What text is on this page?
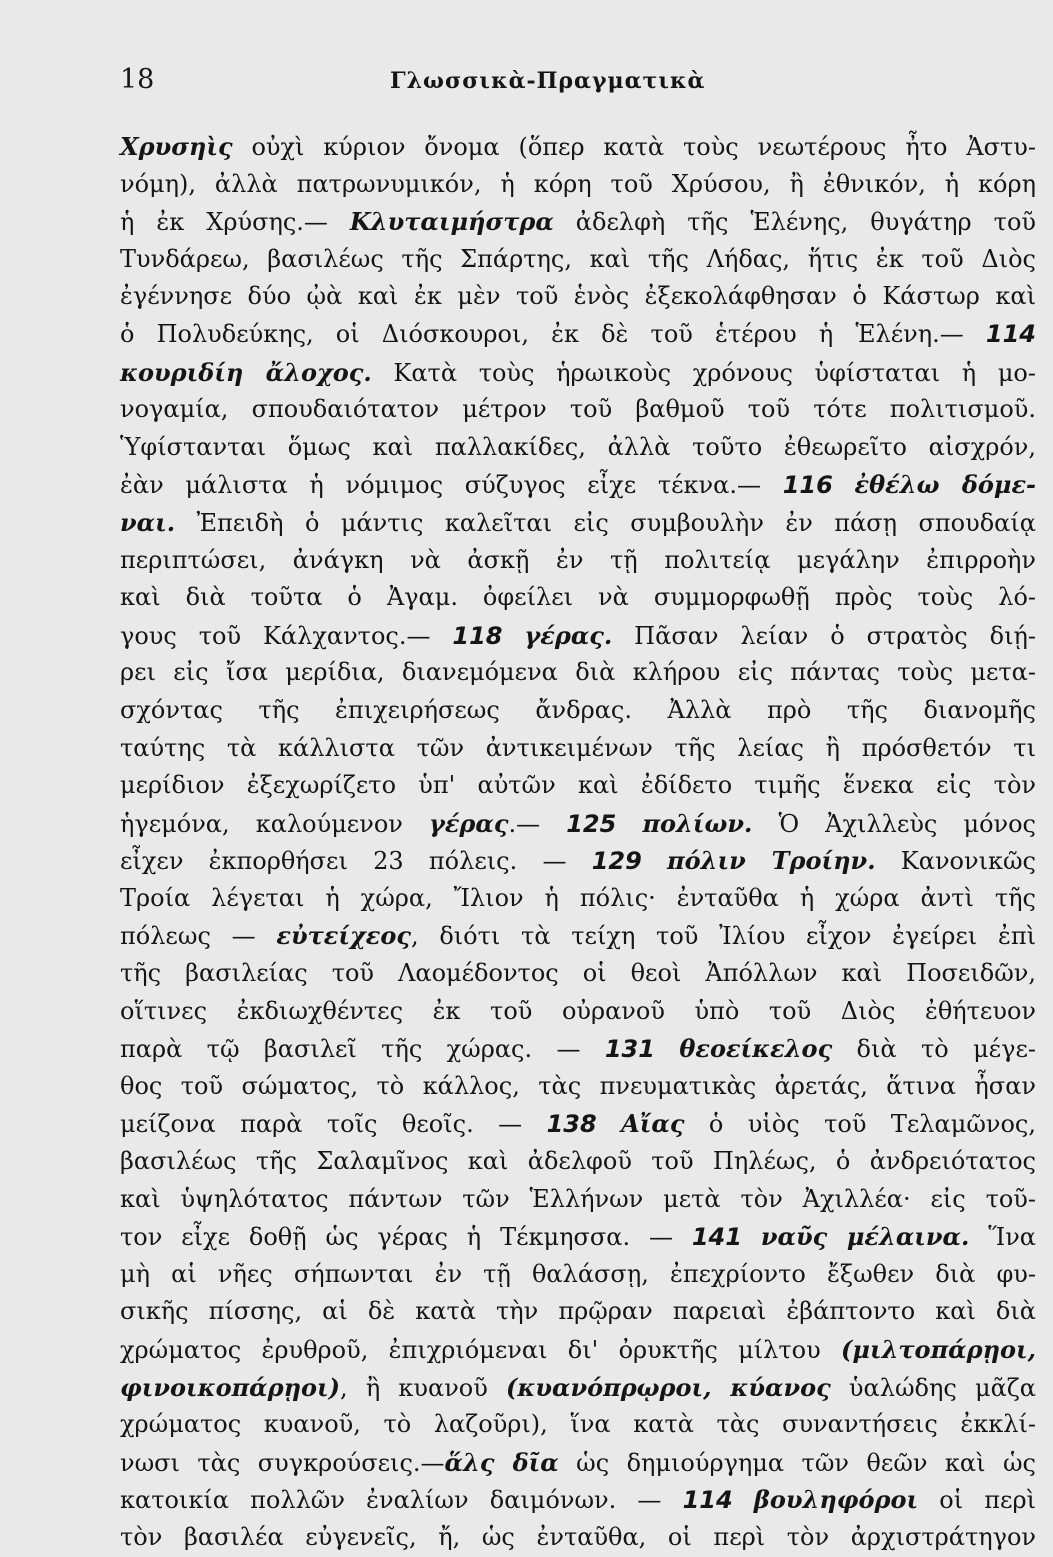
18	Γλωσσικὰ-Πραγματικὰ
Χρυσηὶς οὐχὶ κύριον ὄνομα (ὅπερ κατὰ τοὺς νεωτέρους ἦτο Ἀστυ-
νόμη), ἀλλὰ πατρωνυμικόν, ἡ κόρη τοῦ Χρύσου, ἢ ἐθνικόν, ἡ κόρη
ἡ ἐκ Χρύσης.— Κλυταιμήστρα ἀδελφὴ τῆς Ἑλένης, θυγάτηρ τοῦ
Τυνδάρεω, βασιλέως τῆς Σπάρτης, καὶ τῆς Λήδας, ἥτις ἐκ τοῦ Διὸς
ἐγέννησε δύο ᾠὰ καὶ ἐκ μὲν τοῦ ἑνὸς ἐξεκολάφθησαν ὁ Κάστωρ καὶ
ὁ Πολυδεύκης, οἱ Διόσκουροι, ἐκ δὲ τοῦ ἑτέρου ἡ Ἑλένη.— 114
κουριδίη ἄλοχος. Κατὰ τοὺς ἡρωικοὺς χρόνους ὑφίσταται ἡ μο-
νογαμία, σπουδαιότατον μέτρον τοῦ βαθμοῦ τοῦ τότε πολιτισμοῦ.
Ὑφίστανται ὅμως καὶ παλλακίδες, ἀλλὰ τοῦτο ἐθεωρεῖτο αἰσχρόν,
ἐὰν μάλιστα ἡ νόμιμος σύζυγος εἶχε τέκνα.— 116 ἐθέλω δόμε-
ναι. Ἐπειδὴ ὁ μάντις καλεῖται εἰς συμβουλὴν ἐν πάσῃ σπουδαίᾳ
περιπτώσει, ἀνάγκη νὰ ἀσκῇ ἐν τῇ πολιτείᾳ μεγάλην ἐπιρροὴν
καὶ διὰ τοῦτα ὁ Ἀγαμ. ὀφείλει νὰ συμμορφωθῇ πρὸς τοὺς λό-
γους τοῦ Κάλχαντος.— 118 γέρας. Πᾶσαν λείαν ὁ στρατὸς διῄ-
ρει εἰς ἴσα μερίδια, διανεμόμενα διὰ κλήρου εἰς πάντας τοὺς μετα-
σχόντας τῆς ἐπιχειρήσεως ἄνδρας. Ἀλλὰ πρὸ τῆς διανομῆς
ταύτης τὰ κάλλιστα τῶν ἀντικειμένων τῆς λείας ἢ πρόσθετόν τι
μερίδιον ἐξεχωρίζετο ὑπ' αὐτῶν καὶ ἐδίδετο τιμῆς ἕνεκα εἰς τὸν
ἡγεμόνα, καλούμενον γέρας.— 125 πολίων. Ὁ Ἀχιλλεὺς μόνος
εἶχεν ἐκπορθήσει 23 πόλεις. — 129 πόλιν Τροίην. Κανονικῶς
Τροία λέγεται ἡ χώρα, Ἴλιον ἡ πόλις· ἐνταῦθα ἡ χώρα ἀντὶ τῆς
πόλεως — εὐτείχεος, διότι τὰ τείχη τοῦ Ἰλίου εἶχον ἐγείρει ἐπὶ
τῆς βασιλείας τοῦ Λαομέδοντος οἱ θεοὶ Ἀπόλλων καὶ Ποσειδῶν,
οἵτινες ἐκδιωχθέντες ἐκ τοῦ οὐρανοῦ ὑπὸ τοῦ Διὸς ἐθήτευον
παρὰ τῷ βασιλεῖ τῆς χώρας. — 131 θεοείκελος διὰ τὸ μέγε-
θος τοῦ σώματος, τὸ κάλλος, τὰς πνευματικὰς ἀρετάς, ἅτινα ἦσαν
μείζονα παρὰ τοῖς θεοῖς. — 138 Αἴας ὁ υἱὸς τοῦ Τελαμῶνος,
βασιλέως τῆς Σαλαμῖνος καὶ ἀδελφοῦ τοῦ Πηλέως, ὁ ἀνδρειότατος
καὶ ὑψηλότατος πάντων τῶν Ἑλλήνων μετὰ τὸν Ἀχιλλέα· εἰς τοῦ-
τον εἶχε δοθῇ ὡς γέρας ἡ Τέκμησσα. — 141 ναῦς μέλαινα. Ἵνα
μὴ αἱ νῆες σήπωνται ἐν τῇ θαλάσσῃ, ἐπεχρίοντο ἔξωθεν διὰ φυ-
σικῆς πίσσης, αἱ δὲ κατὰ τὴν πρῷραν παρειαὶ ἐβάπτοντο καὶ διὰ
χρώματος ἐρυθροῦ, ἐπιχριόμεναι δι' ὀρυκτῆς μίλτου (μιλτοπάρῃοι,
φινοικοπάρῃοι), ἢ κυανοῦ (κυανόπρῳροι, κύανος ὑαλώδης μᾶζα
χρώματος κυανοῦ, τὸ λαζοῦρι), ἵνα κατὰ τὰς συναντήσεις ἐκκλί-
νωσι τὰς συγκρούσεις.—ἅλς δῖα ὡς δημιούργημα τῶν θεῶν καὶ ὡς
κατοικία πολλῶν ἐναλίων δαιμόνων. — 114 βουληφόροι οἱ περὶ
τὸν βασιλέα εὐγενεῖς, ἤ, ὡς ἐνταῦθα, οἱ περὶ τὸν ἀρχιστράτηγον
